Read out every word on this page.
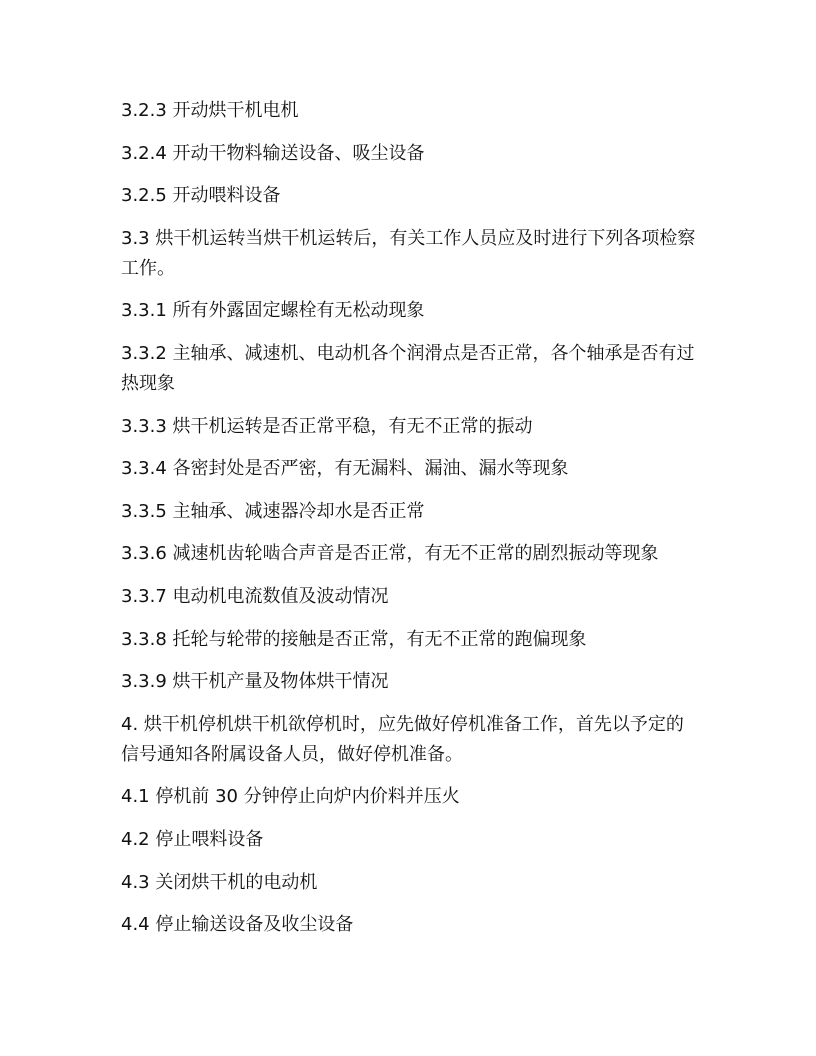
3.2.3 开动烘干机电机

3.2.4 开动干物料输送设备、吸尘设备

3.2.5 开动喂料设备

3.3 烘干机运转当烘干机运转后，有关工作人员应及时进行下列各项检察工作。

3.3.1 所有外露固定螺栓有无松动现象

3.3.2 主轴承、减速机、电动机各个润滑点是否正常，各个轴承是否有过热现象

3.3.3 烘干机运转是否正常平稳，有无不正常的振动

3.3.4 各密封处是否严密，有无漏料、漏油、漏水等现象

3.3.5 主轴承、减速器冷却水是否正常

3.3.6 减速机齿轮啮合声音是否正常，有无不正常的剧烈振动等现象

3.3.7 电动机电流数值及波动情况

3.3.8 托轮与轮带的接触是否正常，有无不正常的跑偏现象

3.3.9 烘干机产量及物体烘干情况

4. 烘干机停机烘干机欲停机时，应先做好停机准备工作，首先以予定的信号通知各附属设备人员，做好停机准备。

4.1 停机前 30 分钟停止向炉内价料并压火

4.2 停止喂料设备

4.3 关闭烘干机的电动机

4.4 停止输送设备及收尘设备
